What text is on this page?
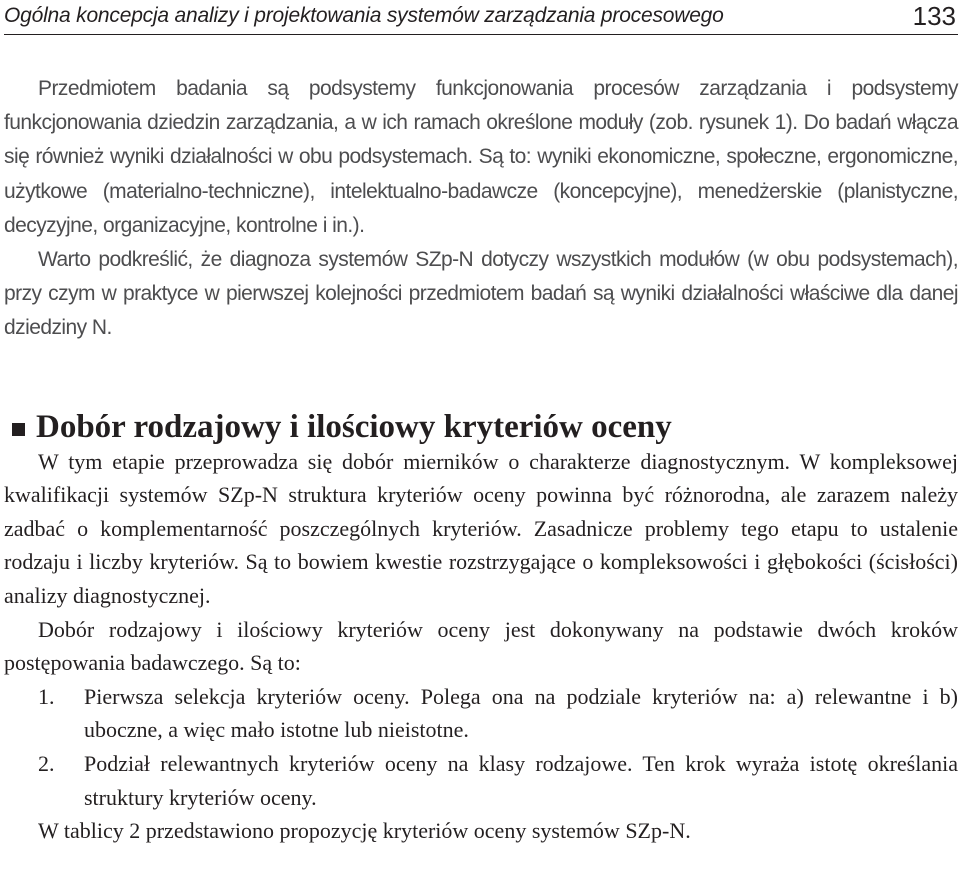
Ogólna koncepcja analizy i projektowania systemów zarządzania procesowego	133

Przedmiotem badania są podsystemy funkcjonowania procesów zarządzania i podsystemy funkcjonowania dziedzin zarządzania, a w ich ramach określone moduły (zob. rysunek 1). Do badań włącza się również wyniki działalności w obu podsystemach. Są to: wyniki ekonomiczne, społeczne, ergonomiczne, użytkowe (materialno-techniczne), intelektualno-badawcze (koncepcyjne), menedżerskie (planistyczne, decyzyjne, organizacyjne, kontrolne i in.).

Warto podkreślić, że diagnoza systemów SZp-N dotyczy wszystkich modułów (w obu podsystemach), przy czym w praktyce w pierwszej kolejności przedmiotem badań są wyniki działalności właściwe dla danej dziedziny N.

Dobór rodzajowy i ilościowy kryteriów oceny

W tym etapie przeprowadza się dobór mierników o charakterze diagnostycznym. W kompleksowej kwalifikacji systemów SZp-N struktura kryteriów oceny powinna być różnorodna, ale zarazem należy zadbać o komplementarność poszczególnych kryteriów. Zasadnicze problemy tego etapu to ustalenie rodzaju i liczby kryteriów. Są to bowiem kwestie rozstrzygające o kompleksowości i głębokości (ścisłości) analizy diagnostycznej.

Dobór rodzajowy i ilościowy kryteriów oceny jest dokonywany na podstawie dwóch kroków postępowania badawczego. Są to:

1. Pierwsza selekcja kryteriów oceny. Polega ona na podziale kryteriów na: a) relewantne i b) uboczne, a więc mało istotne lub nieistotne.
2. Podział relewantnych kryteriów oceny na klasy rodzajowe. Ten krok wyraża istotę określania struktury kryteriów oceny.

W tablicy 2 przedstawiono propozycję kryteriów oceny systemów SZp-N.
